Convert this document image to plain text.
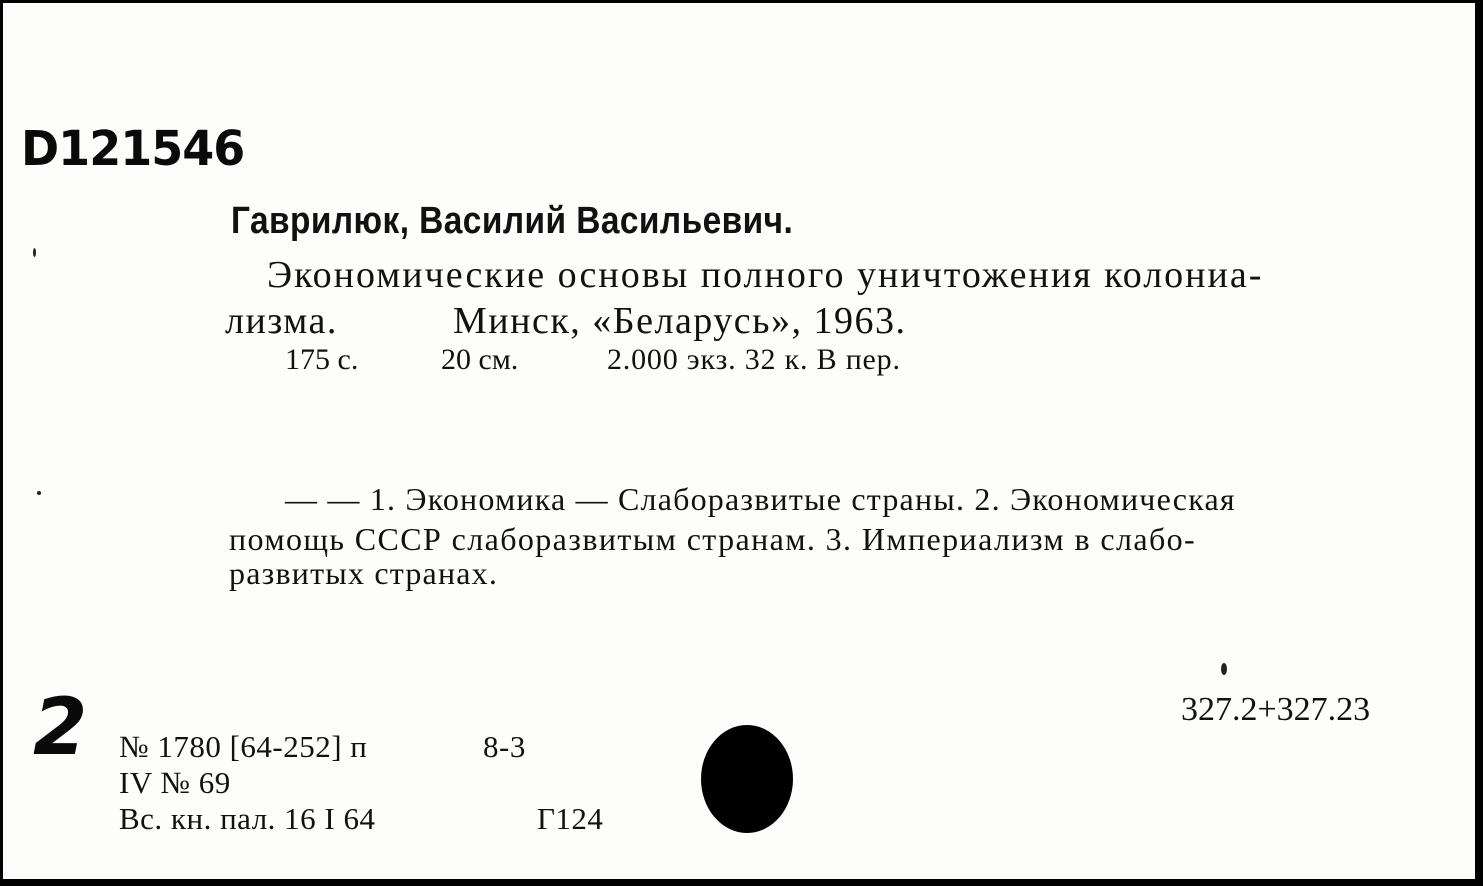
D121546
Гаврилюк, Василий Васильевич.
Экономические основы полного уничтожения колониа-
лизма.	Минск, «Беларусь», 1963.
175 с.	20 см.	2.000 экз. 32 к. В пер.
— — 1. Экономика — Слаборазвитые страны. 2. Экономическая
помощь СССР слаборазвитым странам. 3. Империализм в слабо-
развитых странах.
2	327.2+327.23
№ 1780 [64-252] п	8-3
IV № 69
Вс. кн. пал. 16 I 64	Г124
